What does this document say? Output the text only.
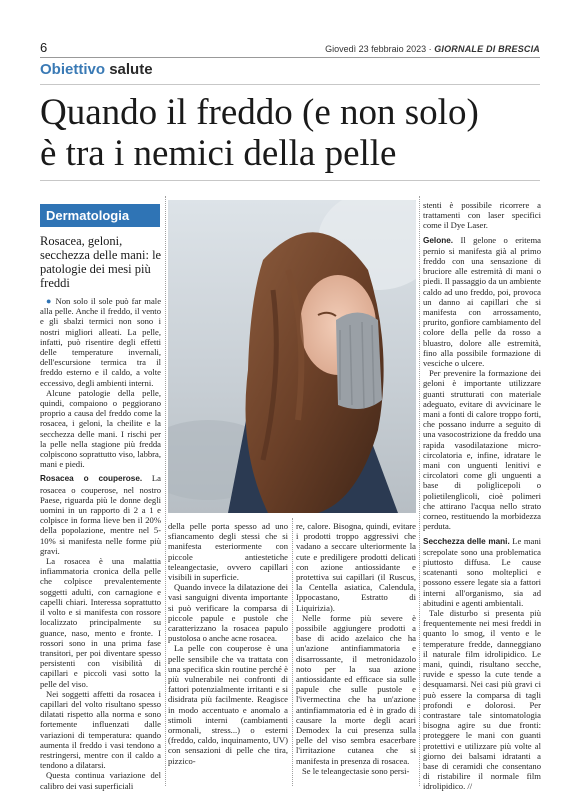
6	Giovedì 23 febbraio 2023 · GIORNALE DI BRESCIA
Obiettivo salute
Quando il freddo (e non solo)
è tra i nemici della pelle
Dermatologia
Rosacea, geloni, secchezza delle mani: le patologie dei mesi più freddi

● Non solo il sole può far male alla pelle. Anche il freddo, il vento e gli sbalzi termici non sono i nostri migliori alleati. La pelle, infatti, può risentire degli effetti delle temperature invernali, dell'escursione termica tra il freddo esterno e il caldo, a volte eccessivo, degli ambienti interni.

Alcune patologie della pelle, quindi, compaiono o peggiorano proprio a causa del freddo come la rosacea, i geloni, la cheilite e la secchezza delle mani. I rischi per la pelle nella stagione più fredda colpiscono soprattutto viso, labbra, mani e piedi.

Rosacea o couperose. La rosacea o couperose, nel nostro Paese, riguarda più le donne degli uomini in un rapporto di 2 a 1 e colpisce in forma lieve ben il 20% della popolazione, mentre nel 5-10% si manifesta nelle forme più gravi.

La rosacea è una malattia infiammatoria cronica della pelle che colpisce prevalentemente soggetti adulti, con carnagione e capelli chiari. Interessa soprattutto il volto e si manifesta con rossore localizzato principalmente su guance, naso, mento e fronte. I rossori sono in una prima fase transitori, per poi diventare spesso persistenti con visibilità di capillari e piccoli vasi sotto la pelle del viso.

Nei soggetti affetti da rosacea i capillari del volto risultano spesso dilatati rispetto alla norma e sono fortemente influenzati dalle variazioni di temperatura: quando aumenta il freddo i vasi tendono a restringersi, mentre con il caldo a tendono a dilatarsi.

Questa continua variazione del calibro dei vasi superficiali

della pelle porta spesso ad uno sfiancamento degli stessi che si manifesta esteriormente con piccole antiestetiche teleangectasie, ovvero capillari visibili in superficie.

Quando invece la dilatazione dei vasi sanguigni diventa importante si può verificare la comparsa di piccole papule e pustole che caratterizzano la rosacea papulo pustolosa o anche acne rosacea.

La pelle con couperose è una pelle sensibile che va trattata con una specifica skin routine perché è più vulnerabile nei confronti di fattori potenzialmente irritanti e si disidrata più facilmente. Reagisce in modo accentuato e anomalo a stimoli interni (cambiamenti ormonali, stress...) o esterni (freddo, caldo, inquinamento, UV) con sensazioni di pelle che tira, pizzico-

re, calore. Bisogna, quindi, evitare i prodotti troppo aggressivi che vadano a seccare ulteriormente la cute e prediligere prodotti delicati con azione antiossidante e protettiva sui capillari (il Ruscus, la Centella asiatica, Calendula, Ippocastano, Estratto di Liquirizia).

Nelle forme più severe è possibile aggiungere prodotti a base di acido azelaico che ha un'azione antinfiammatoria e disarrossante, il metronidazolo noto per la sua azione antiossidante ed efficace sia sulle papule che sulle pustole e l'ivermectina che ha un'azione antinfiammatoria ed è in grado di causare la morte degli acari Demodex la cui presenza sulla pelle del viso sembra esacerbare l'irritazione cutanea che si manifesta in presenza di rosacea.

Se le teleangectasie sono persi-

stenti è possibile ricorrere a trattamenti con laser specifici come il Dye Laser.

Gelone. Il gelone o eritema pernio si manifesta già al primo freddo con una sensazione di bruciore alle estremità di mani o piedi. Il passaggio da un ambiente caldo ad uno freddo, poi, provoca un danno ai capillari che si manifesta con arrossamento, prurito, gonfiore cambiamento del colore della pelle da rosso a bluastro, dolore alle estremità, fino alla possibile formazione di vesciche o ulcere.

Per prevenire la formazione dei geloni è importante utilizzare guanti strutturati con materiale adeguato, evitare di avvicinare le mani a fonti di calore troppo forti, che possano indurre a seguito di una vasocostrizione da freddo una rapida vasodilatazione micro-circolatoria e, infine, idratare le mani con unguenti lenitivi e circolatori come gli unguenti a base di poliglicероli o polietilenglicoli, cioè polimeri che attirano l'acqua nello strato corneo, restituendo la morbidezza perduta.

Secchezza delle mani. Le mani screpolate sono una problematica piuttosto diffusa. Le cause scatenanti sono molteplici e possono essere legate sia a fattori interni all'organismo, sia ad abitudini e agenti ambientali.

Tale disturbo si presenta più frequentemente nei mesi freddi in quanto lo smog, il vento e le temperature fredde, danneggiano il naturale film idrolipidico. Le mani, quindi, risultano secche, ruvide e spesso la cute tende a desquamarsi. Nei casi più gravi ci può essere la comparsa di tagli profondi e dolorosi. Per contrastare tale sintomatologia bisogna agire su due fronti: proteggere le mani con guanti protettivi e utilizzare più volte al giorno dei balsami idratanti a base di ceramidi che consentano di ristabilire il normale film idrolipidico. //
